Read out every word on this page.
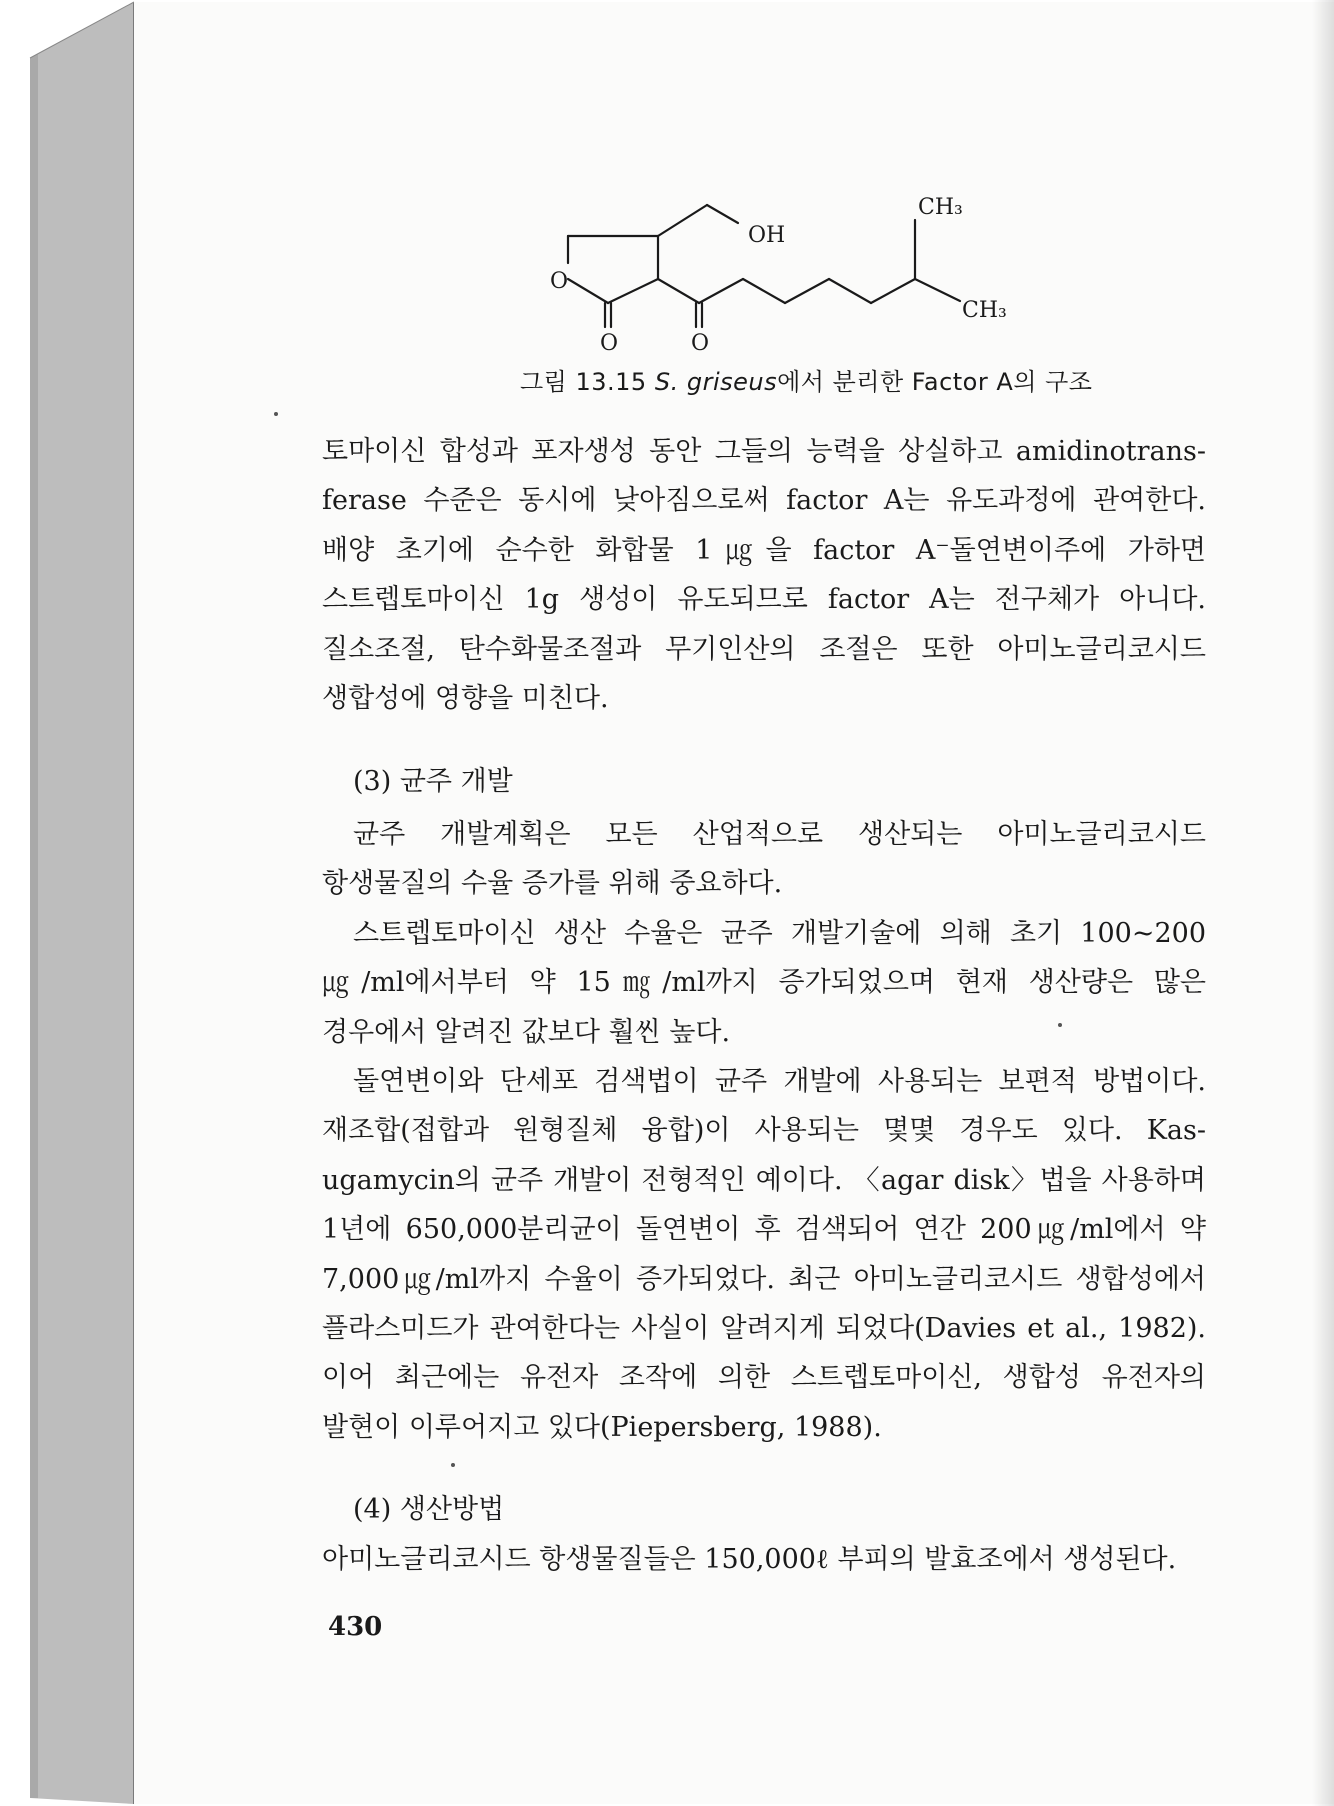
O
O	O
OH
CH₃
CH₃
그림 13.15 S. griseus에서 분리한 Factor A의 구조
토마이신 합성과 포자생성 동안 그들의 능력을 상실하고 amidinotrans-ferase 수준은 동시에 낮아짐으로써 factor A는 유도과정에 관여한다. 배양 초기에 순수한 화합물 1㎍을 factor A⁻돌연변이주에 가하면 스트렙토마이신 1g 생성이 유도되므로 factor A는 전구체가 아니다. 질소조절, 탄수화물조절과 무기인산의 조절은 또한 아미노글리코시드 생합성에 영향을 미친다.
(3) 균주 개발
균주 개발계획은 모든 산업적으로 생산되는 아미노글리코시드 항생물질의 수율 증가를 위해 중요하다.
스트렙토마이신 생산 수율은 균주 개발기술에 의해 초기 100~200㎍/ml에서부터 약 15㎎/ml까지 증가되었으며 현재 생산량은 많은 경우에서 알려진 값보다 훨씬 높다.
돌연변이와 단세포 검색법이 균주 개발에 사용되는 보편적 방법이다. 재조합(접합과 원형질체 융합)이 사용되는 몇몇 경우도 있다. Kas-ugamycin의 균주 개발이 전형적인 예이다. 〈agar disk〉법을 사용하며 1년에 650,000분리균이 돌연변이 후 검색되어 연간 200㎍/ml에서 약 7,000㎍/ml까지 수율이 증가되었다. 최근 아미노글리코시드 생합성에서 플라스미드가 관여한다는 사실이 알려지게 되었다(Davies et al., 1982). 이어 최근에는 유전자 조작에 의한 스트렙토마이신, 생합성 유전자의 발현이 이루어지고 있다(Piepersberg, 1988).
(4) 생산방법
아미노글리코시드 항생물질들은 150,000ℓ 부피의 발효조에서 생성된다.
430
